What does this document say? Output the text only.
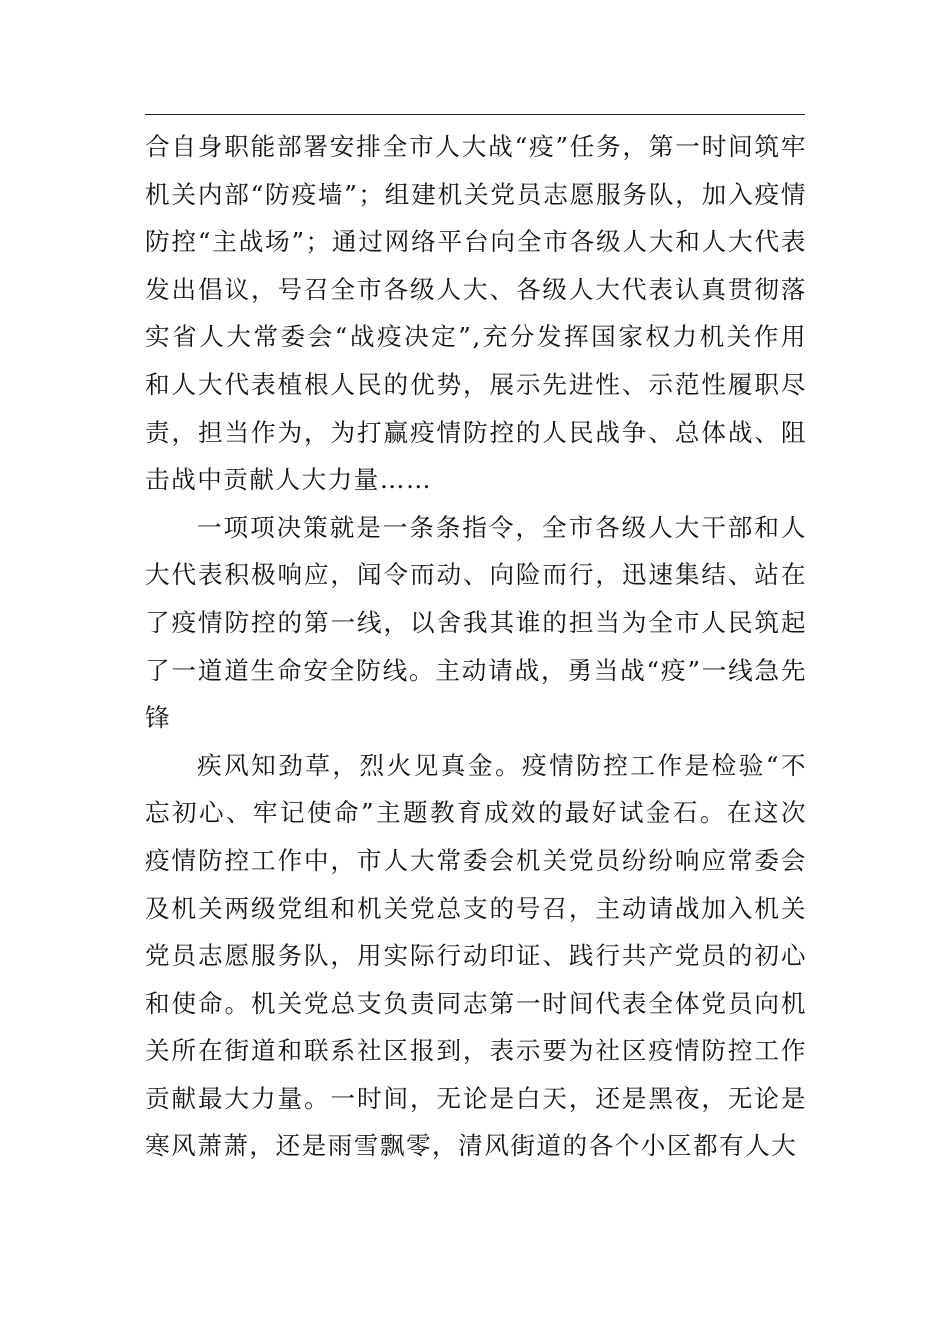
合自身职能部署安排全市人大战“疫”任务，第一时间筑牢机关内部“防疫墙”；组建机关党员志愿服务队，加入疫情防控“主战场”；通过网络平台向全市各级人大和人大代表发出倡议，号召全市各级人大、各级人大代表认真贯彻落实省人大常委会“战疫决定”,充分发挥国家权力机关作用和人大代表植根人民的优势，展示先进性、示范性履职尽责，担当作为，为打赢疫情防控的人民战争、总体战、阻击战中贡献人大力量……

一项项决策就是一条条指令，全市各级人大干部和人大代表积极响应，闻令而动、向险而行，迅速集结、站在了疫情防控的第一线，以舍我其谁的担当为全市人民筑起了一道道生命安全防线。主动请战，勇当战“疫”一线急先锋

疾风知劲草，烈火见真金。疫情防控工作是检验“不忘初心、牢记使命”主题教育成效的最好试金石。在这次疫情防控工作中，市人大常委会机关党员纷纷响应常委会及机关两级党组和机关党总支的号召，主动请战加入机关党员志愿服务队，用实际行动印证、践行共产党员的初心和使命。机关党总支负责同志第一时间代表全体党员向机关所在街道和联系社区报到，表示要为社区疫情防控工作贡献最大力量。一时间，无论是白天，还是黑夜，无论是寒风萧萧，还是雨雪飘零，清风街道的各个小区都有人大
